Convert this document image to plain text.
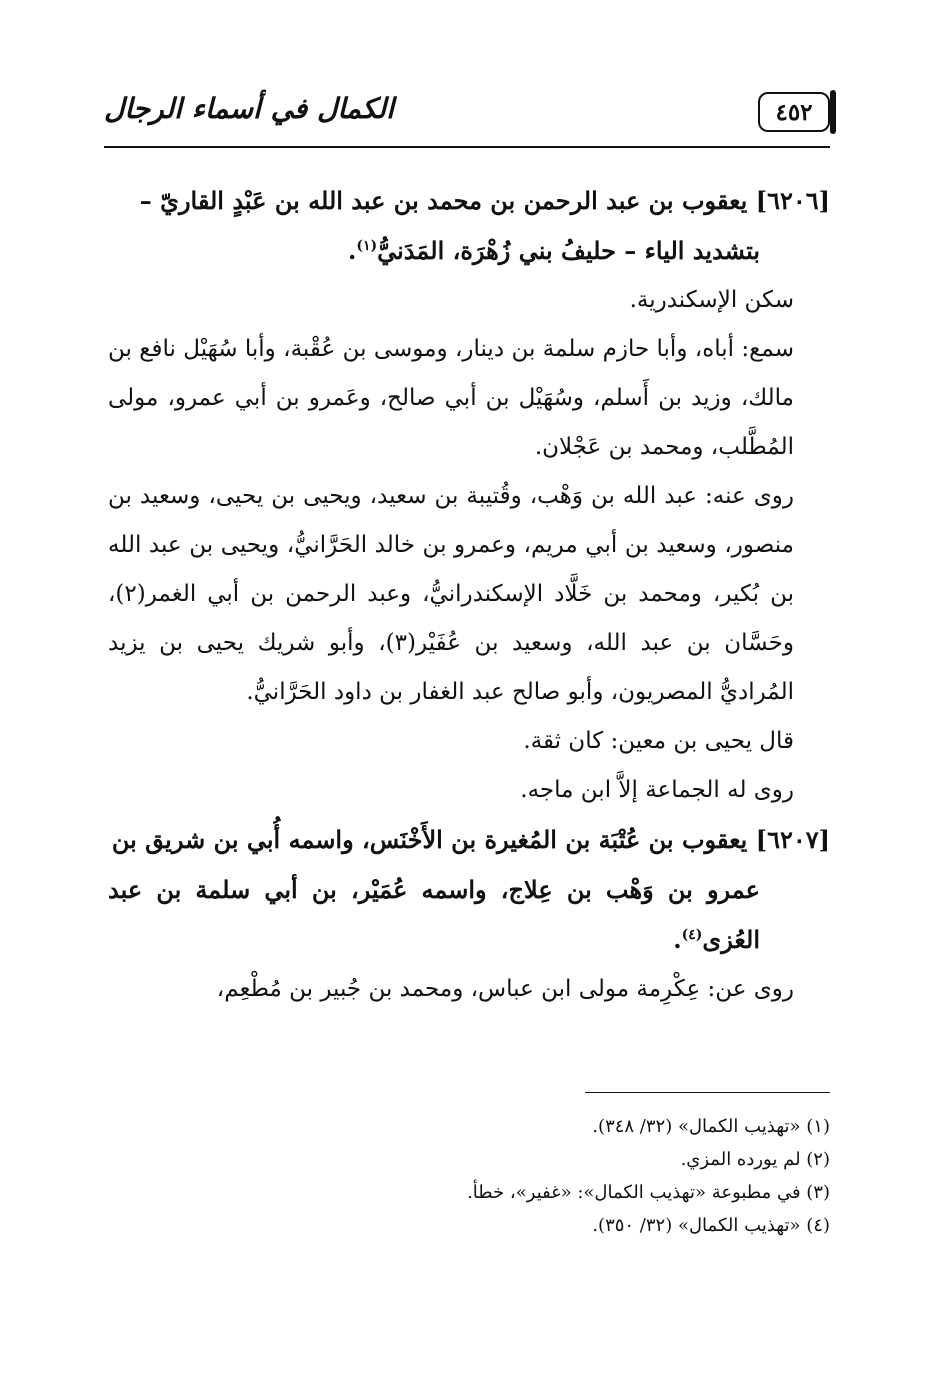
٤٥٢
الكمال في أسماء الرجال
[٦٢٠٦] يعقوب بن عبد الرحمن بن محمد بن عبد الله بن عَبْدٍ القاريّ –
بتشديد الياء – حليفُ بني زُهْرَة، المَدَنيُّ$^{(١)}$.

سكن الإسكندرية.

سمع: أباه، وأبا حازم سلمة بن دينار، وموسى بن عُقْبة، وأبا سُهَيْل نافع بن مالك، وزيد بن أَسلم، وسُهَيْل بن أبي صالح، وعَمرو بن أبي عمرو، مولى المُطَّلب، ومحمد بن عَجْلان.

روى عنه: عبد الله بن وَهْب، وقُتيبة بن سعيد، ويحيى بن يحيى، وسعيد بن منصور، وسعيد بن أبي مريم، وعمرو بن خالد الحَرَّانيُّ، ويحيى بن عبد الله بن بُكير، ومحمد بن خَلَّاد الإسكندرانيُّ، وعبد الرحمن بن أبي الغمر(٢)، وحَسَّان بن عبد الله، وسعيد بن عُفَيْر(٣)، وأبو شريك يحيى بن يزيد المُراديُّ المصريون، وأبو صالح عبد الغفار بن داود الحَرَّانيُّ.

قال يحيى بن معين: كان ثقة.

روى له الجماعة إلاَّ ابن ماجه.

[٦٢٠٧] يعقوب بن عُتْبَة بن المُغيرة بن الأَخْنَس، واسمه أُبي بن شريق بن
عمرو بن وَهْب بن عِلاج، واسمه عُمَيْر، بن أبي سلمة بن عبد العُزى$^{(٤)}$.

روى عن: عِكْرِمة مولى ابن عباس، ومحمد بن جُبير بن مُطْعِم،

(١) «تهذيب الكمال» (٣٢/ ٣٤٨).

(٢) لم يورده المزي.

(٣) في مطبوعة «تهذيب الكمال»: «غفير»، خطأ.

(٤) «تهذيب الكمال» (٣٢/ ٣٥٠).
